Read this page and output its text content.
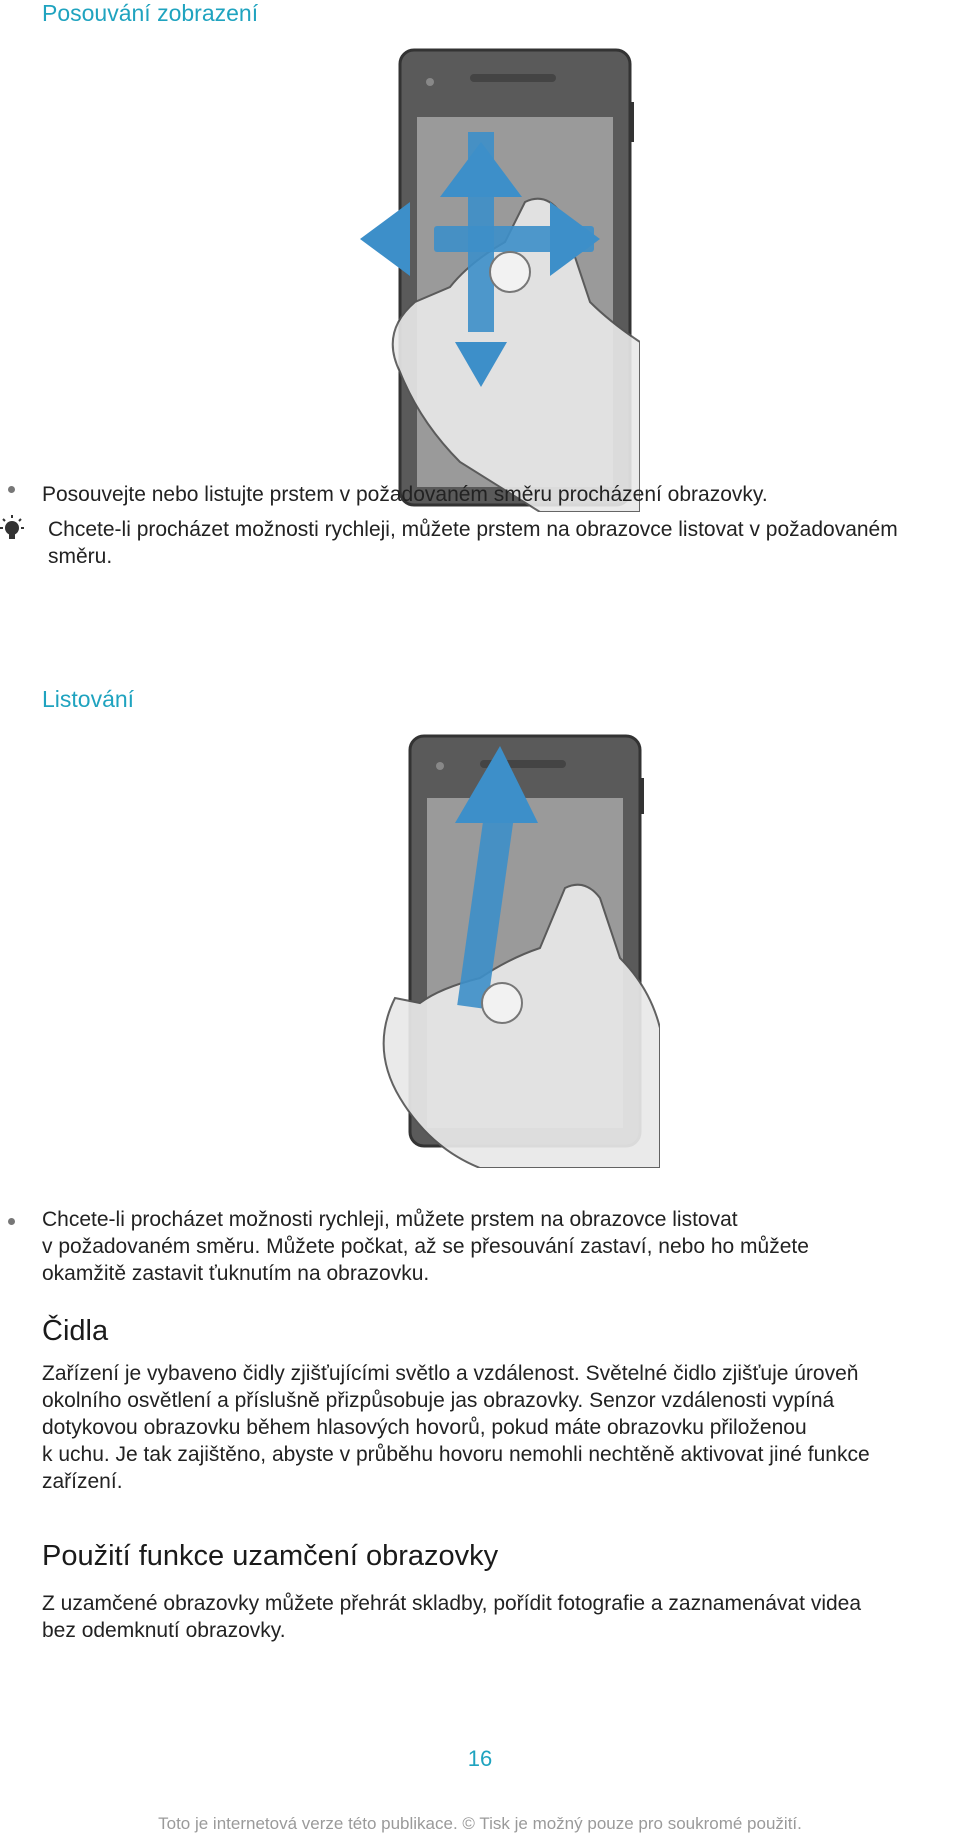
Posouvání zobrazení
Posouvejte nebo listujte prstem v požadovaném směru procházení obrazovky.
Chcete-li procházet možnosti rychleji, můžete prstem na obrazovce listovat v požadovaném směru.
Listování
Chcete-li procházet možnosti rychleji, můžete prstem na obrazovce listovat
v požadovaném směru. Můžete počkat, až se přesouvání zastaví, nebo ho můžete
okamžitě zastavit ťuknutím na obrazovku.
Čidla
Zařízení je vybaveno čidly zjišťujícími světlo a vzdálenost. Světelné čidlo zjišťuje úroveň
okolního osvětlení a příslušně přizpůsobuje jas obrazovky. Senzor vzdálenosti vypíná
dotykovou obrazovku během hlasových hovorů, pokud máte obrazovku přiloženou
k uchu. Je tak zajištěno, abyste v průběhu hovoru nemohli nechtěně aktivovat jiné funkce
zařízení.
Použití funkce uzamčení obrazovky
Z uzamčené obrazovky můžete přehrát skladby, pořídit fotografie a zaznamenávat videa
bez odemknutí obrazovky.
16
Toto je internetová verze této publikace. © Tisk je možný pouze pro soukromé použití.
